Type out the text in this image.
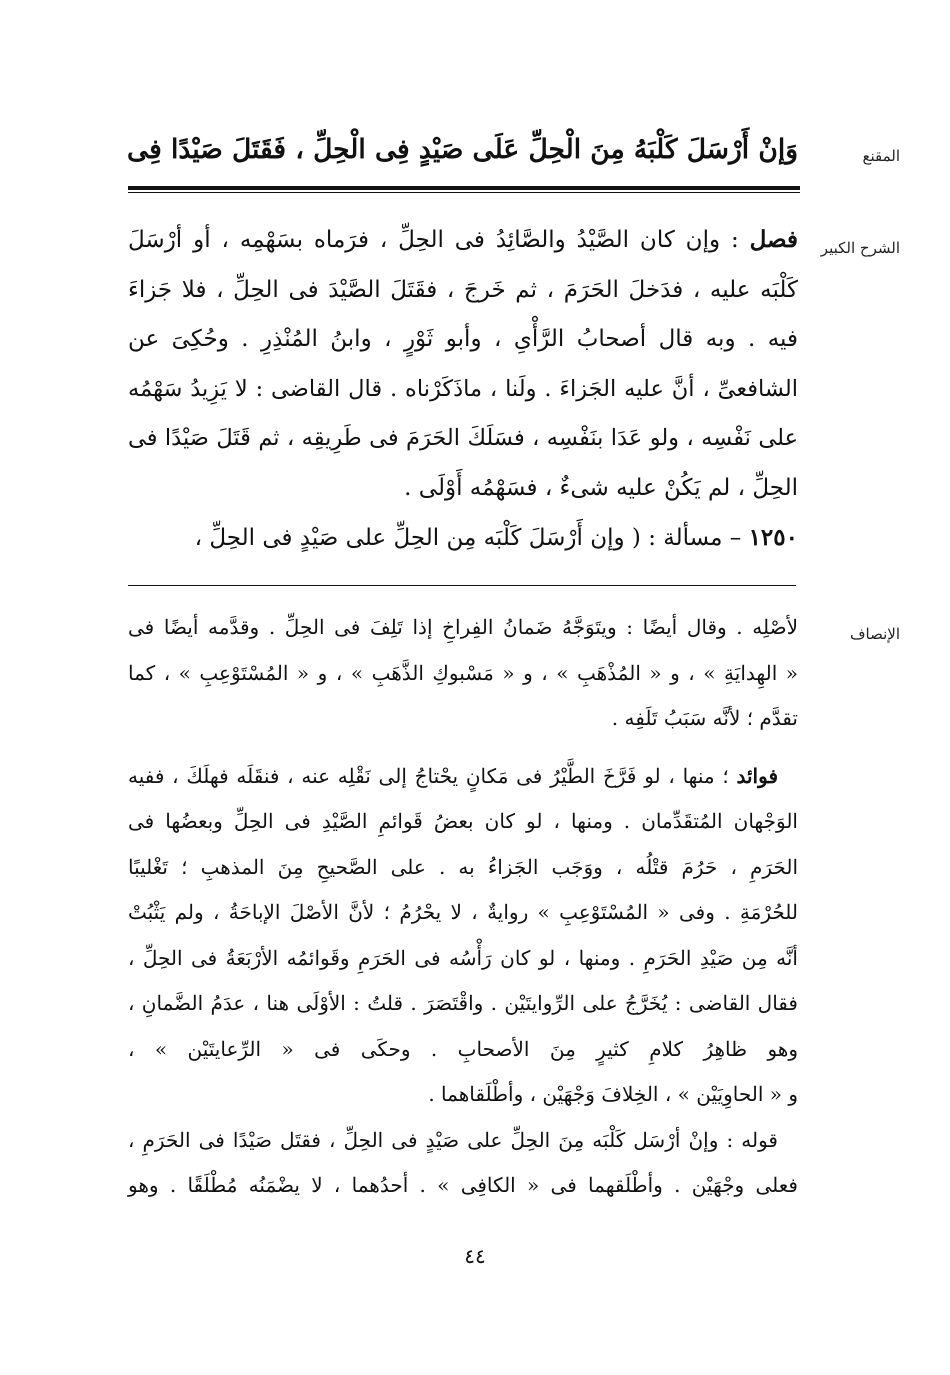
المقنع
وَإنْ أَرْسَلَ كَلْبَهُ مِنَ الْحِلِّ عَلَى صَيْدٍ فِى الْحِلِّ ، فَقَتَلَ صَيْدًا فِى
الشرح الكبير
فصل : وإن كان الصَّيْدُ والصَّائِدُ فى الحِلِّ ، فرَماه بسَهْمِه ، أو أرْسَلَ
كَلْبَه عليه ، فدَخلَ الحَرَمَ ، ثم خَرجَ ، فقَتَلَ الصَّيْدَ فى الحِلِّ ، فلا جَزاءَ
فيه . وبه قال أصحابُ الرَّأْىِ ، وأبو ثَوْرٍ ، وابنُ المُنْذِرِ . وحُكِىَ عن
الشافعىِّ ، أنَّ عليه الجَزاءَ . ولَنا ، ماذَكَرْناه . قال القاضى : لا يَزِيدُ سَهْمُه
على نَفْسِه ، ولو عَدَا بنَفْسِه ، فسَلَكَ الحَرَمَ فى طَرِيقِه ، ثم قَتَلَ صَيْدًا فى
الحِلِّ ، لم يَكُنْ عليه شىءٌ ، فسَهْمُه أَوْلَى .
١٢٥٠ – مسألة : ( وإن أَرْسَلَ كَلْبَه مِن الحِلِّ على صَيْدٍ فى الحِلِّ ،
الإنصاف
لأصْلِه . وقال أيضًا : ويتَوَجَّهُ ضَمانُ الفِراخِ إذا تَلِفَ فى الحِلِّ . وقدَّمه أيضًا فى
« الهِدايَةِ » ، و « المُذْهَبِ » ، و « مَسْبوكِ الذَّهَبِ » ، و « المُسْتَوْعِبِ » ، كما
تقدَّم ؛ لأنَّه سَبَبُ تَلَفِه .
فوائد ؛ منها ، لو فَرَّخَ الطَّيْرُ فى مَكانٍ يحْتاجُ إلى نَقْلِه عنه ، فنقَلَه فهلَكَ ، ففيه
الوَجْهان المُتقَدِّمان . ومنها ، لو كان بعضُ قَوائمِ الصَّيْدِ فى الحِلِّ وبعضُها فى
الحَرَمِ ، حَرُمَ قتْلُه ، ووَجَب الجَزاءُ به . على الصَّحيحِ مِنَ المذهبِ ؛ تَغْليبًا
للحُرْمَةِ . وفى « المُسْتَوْعِبِ » روايةٌ ، لا يحْرُمُ ؛ لأنَّ الأصْلَ الإباحَةُ ، ولم يَثْبُتْ
أنَّه مِن صَيْدِ الحَرَمِ . ومنها ، لو كان رَأْسُه فى الحَرَمِ وقَوائمُه الأرْبَعَةُ فى الحِلِّ ،
فقال القاضى : يُخَرَّجُ على الرِّوايتَيْن . واقْتَصَرَ . قلتُ : الأوْلَى هنا ، عدَمُ الضَّمانِ ،
وهو ظاهِرُ كلامِ كثيرٍ مِنَ الأصحابِ . وحكَى فى « الرِّعايتَيْن » ،
و « الحاوِيَيْن » ، الخِلافَ وَجْهَيْن ، وأطْلَقاهما .
قوله : وإنْ أرْسَل كَلْبَه مِنَ الحِلِّ على صَيْدٍ فى الحِلِّ ، فقتَل صَيْدًا فى الحَرَمِ ،
فعلى وجْهَيْن . وأطْلَقهما فى « الكافِى » . أحدُهما ، لا يضْمَنُه مُطْلَقًا . وهو
٤٤
